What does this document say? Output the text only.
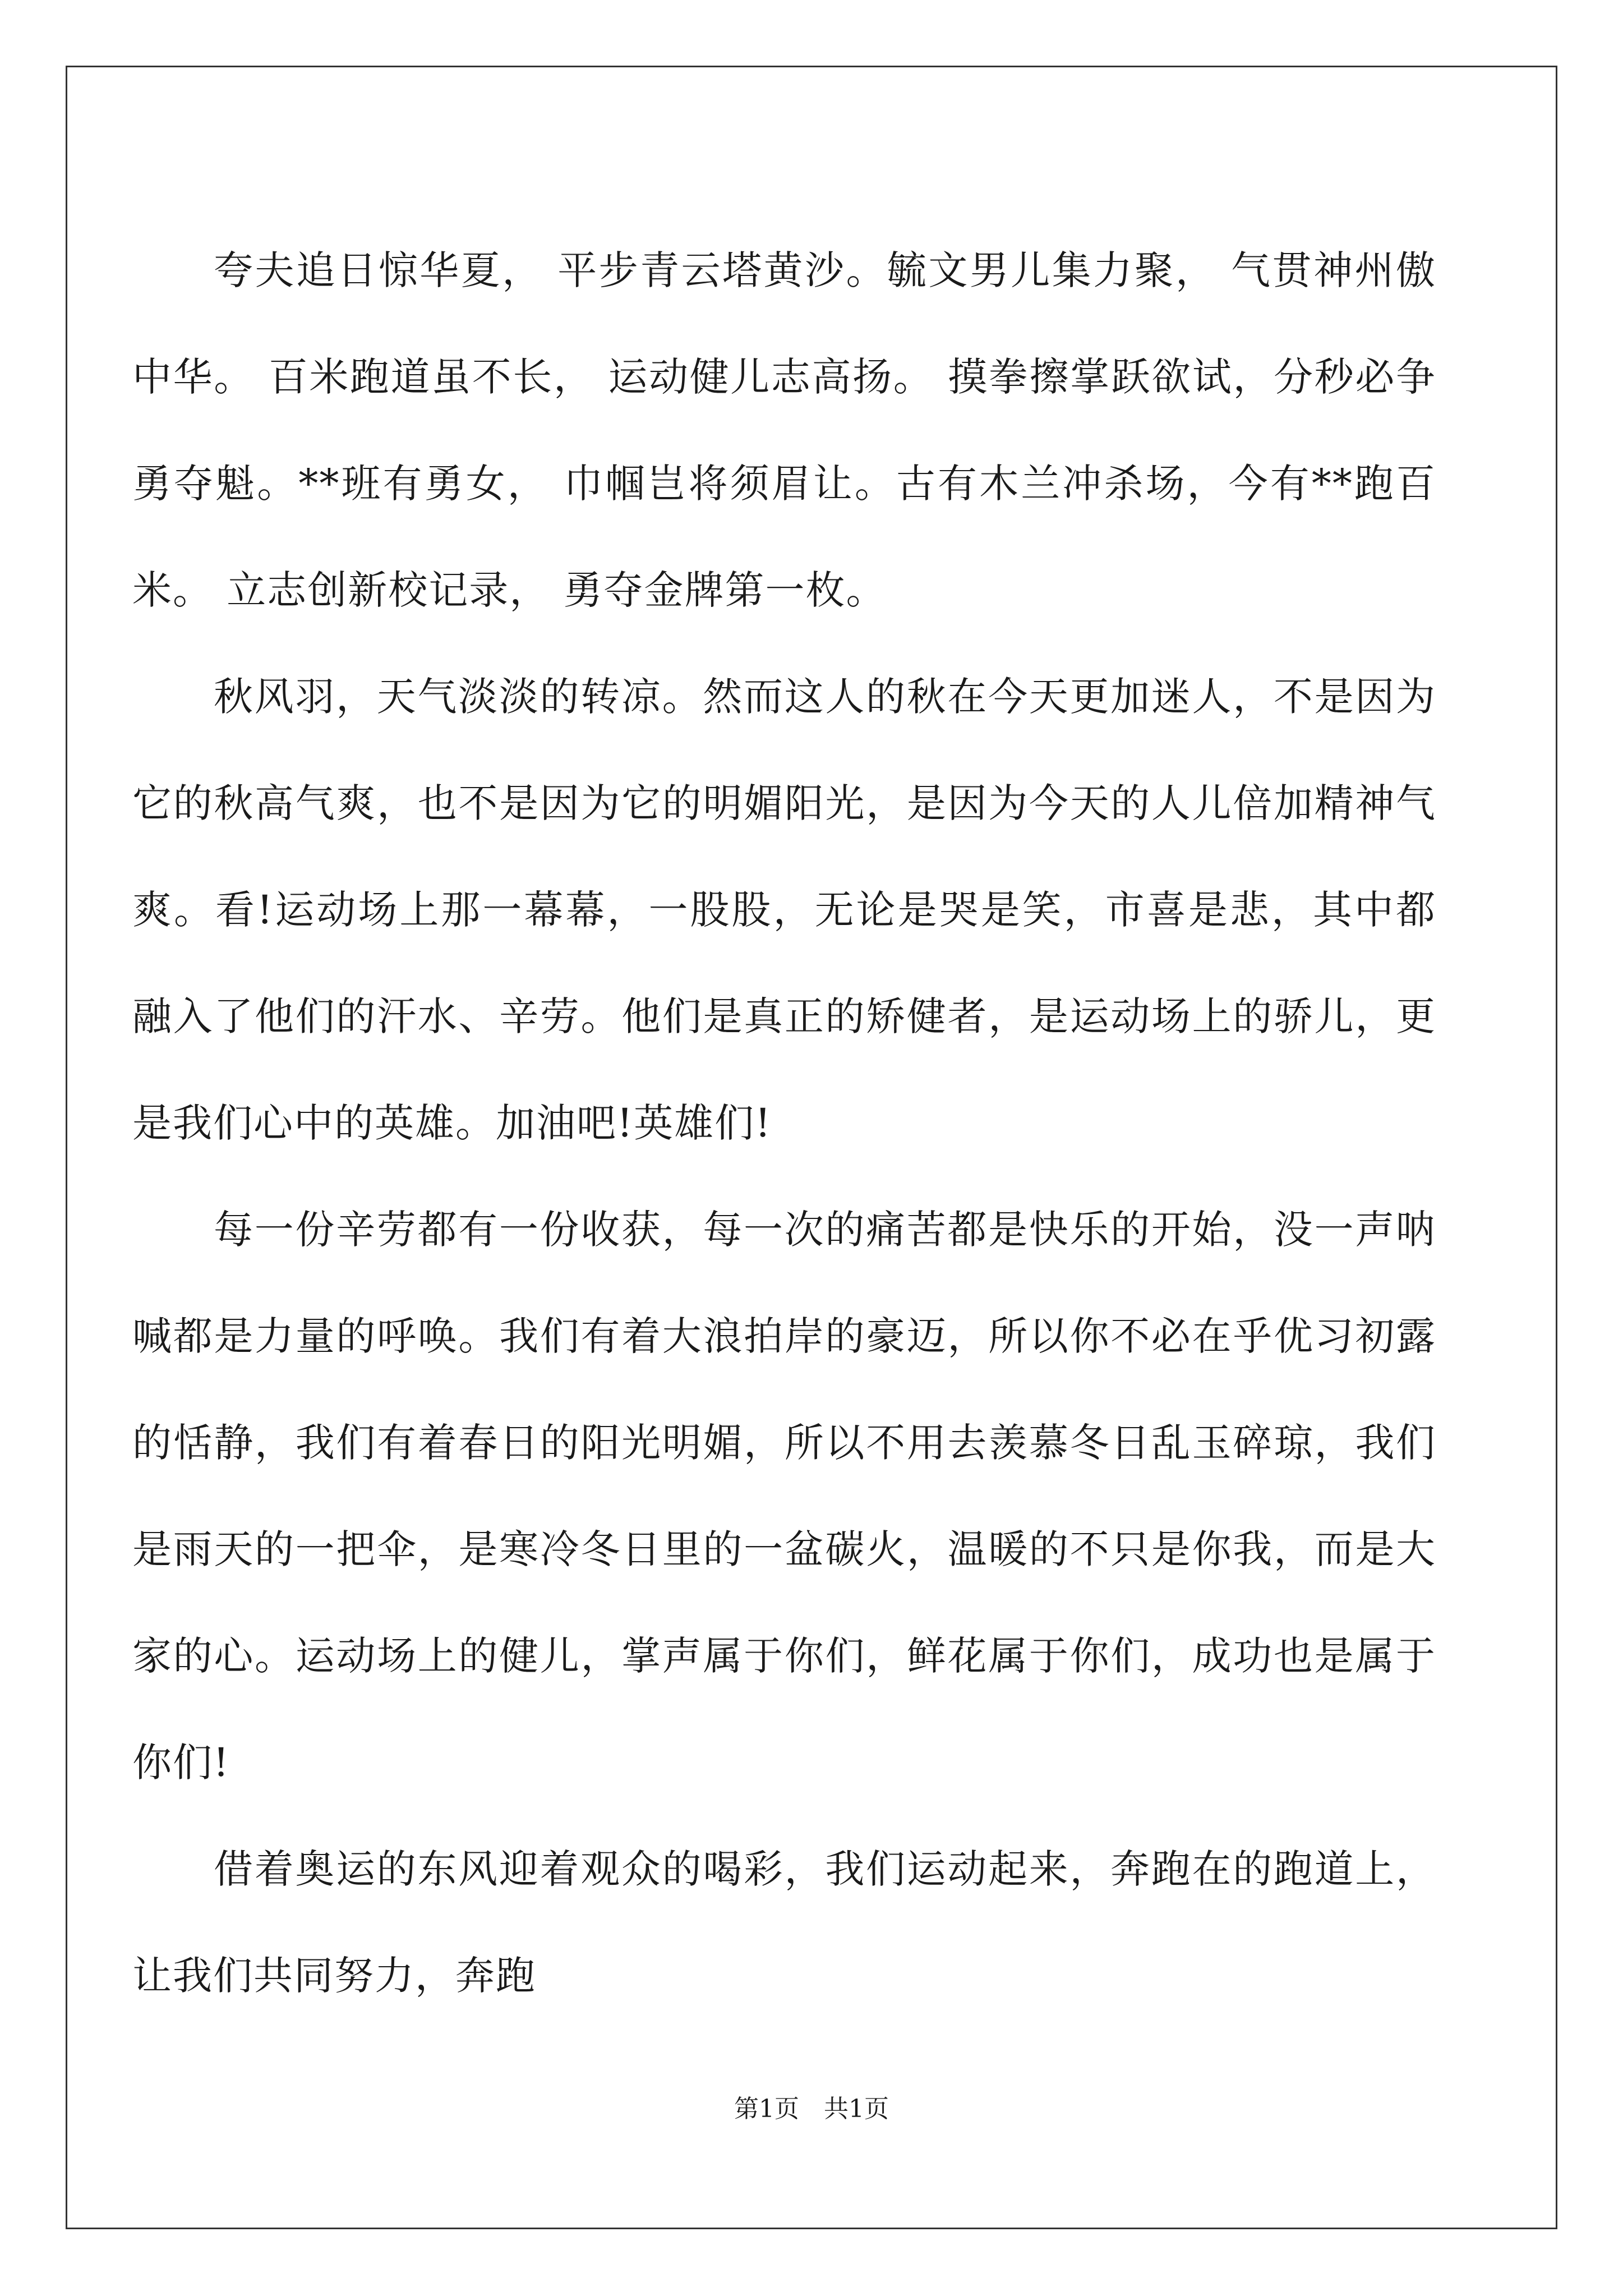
夸夫追日惊华夏， 平步青云塔黄沙。毓文男儿集力聚， 气贯神州傲中华。 百米跑道虽不长， 运动健儿志高扬。 摸拳擦掌跃欲试，分秒必争勇夺魁。**班有勇女， 巾帼岂将须眉让。古有木兰冲杀场，今有**跑百米。 立志创新校记录， 勇夺金牌第一枚。

秋风羽，天气淡淡的转凉。然而这人的秋在今天更加迷人，不是因为它的秋高气爽，也不是因为它的明媚阳光，是因为今天的人儿倍加精神气爽。看!运动场上那一幕幕，一股股，无论是哭是笑，市喜是悲，其中都融入了他们的汗水、辛劳。他们是真正的矫健者，是运动场上的骄儿，更是我们心中的英雄。加油吧!英雄们!

每一份辛劳都有一份收获，每一次的痛苦都是快乐的开始，没一声呐喊都是力量的呼唤。我们有着大浪拍岸的豪迈，所以你不必在乎优习初露的恬静，我们有着春日的阳光明媚，所以不用去羡慕冬日乱玉碎琼，我们是雨天的一把伞，是寒冷冬日里的一盆碳火，温暖的不只是你我，而是大家的心。运动场上的健儿，掌声属于你们，鲜花属于你们，成功也是属于你们!

借着奥运的东风迎着观众的喝彩，我们运动起来，奔跑在的跑道上，让我们共同努力，奔跑

第1页 共1页
